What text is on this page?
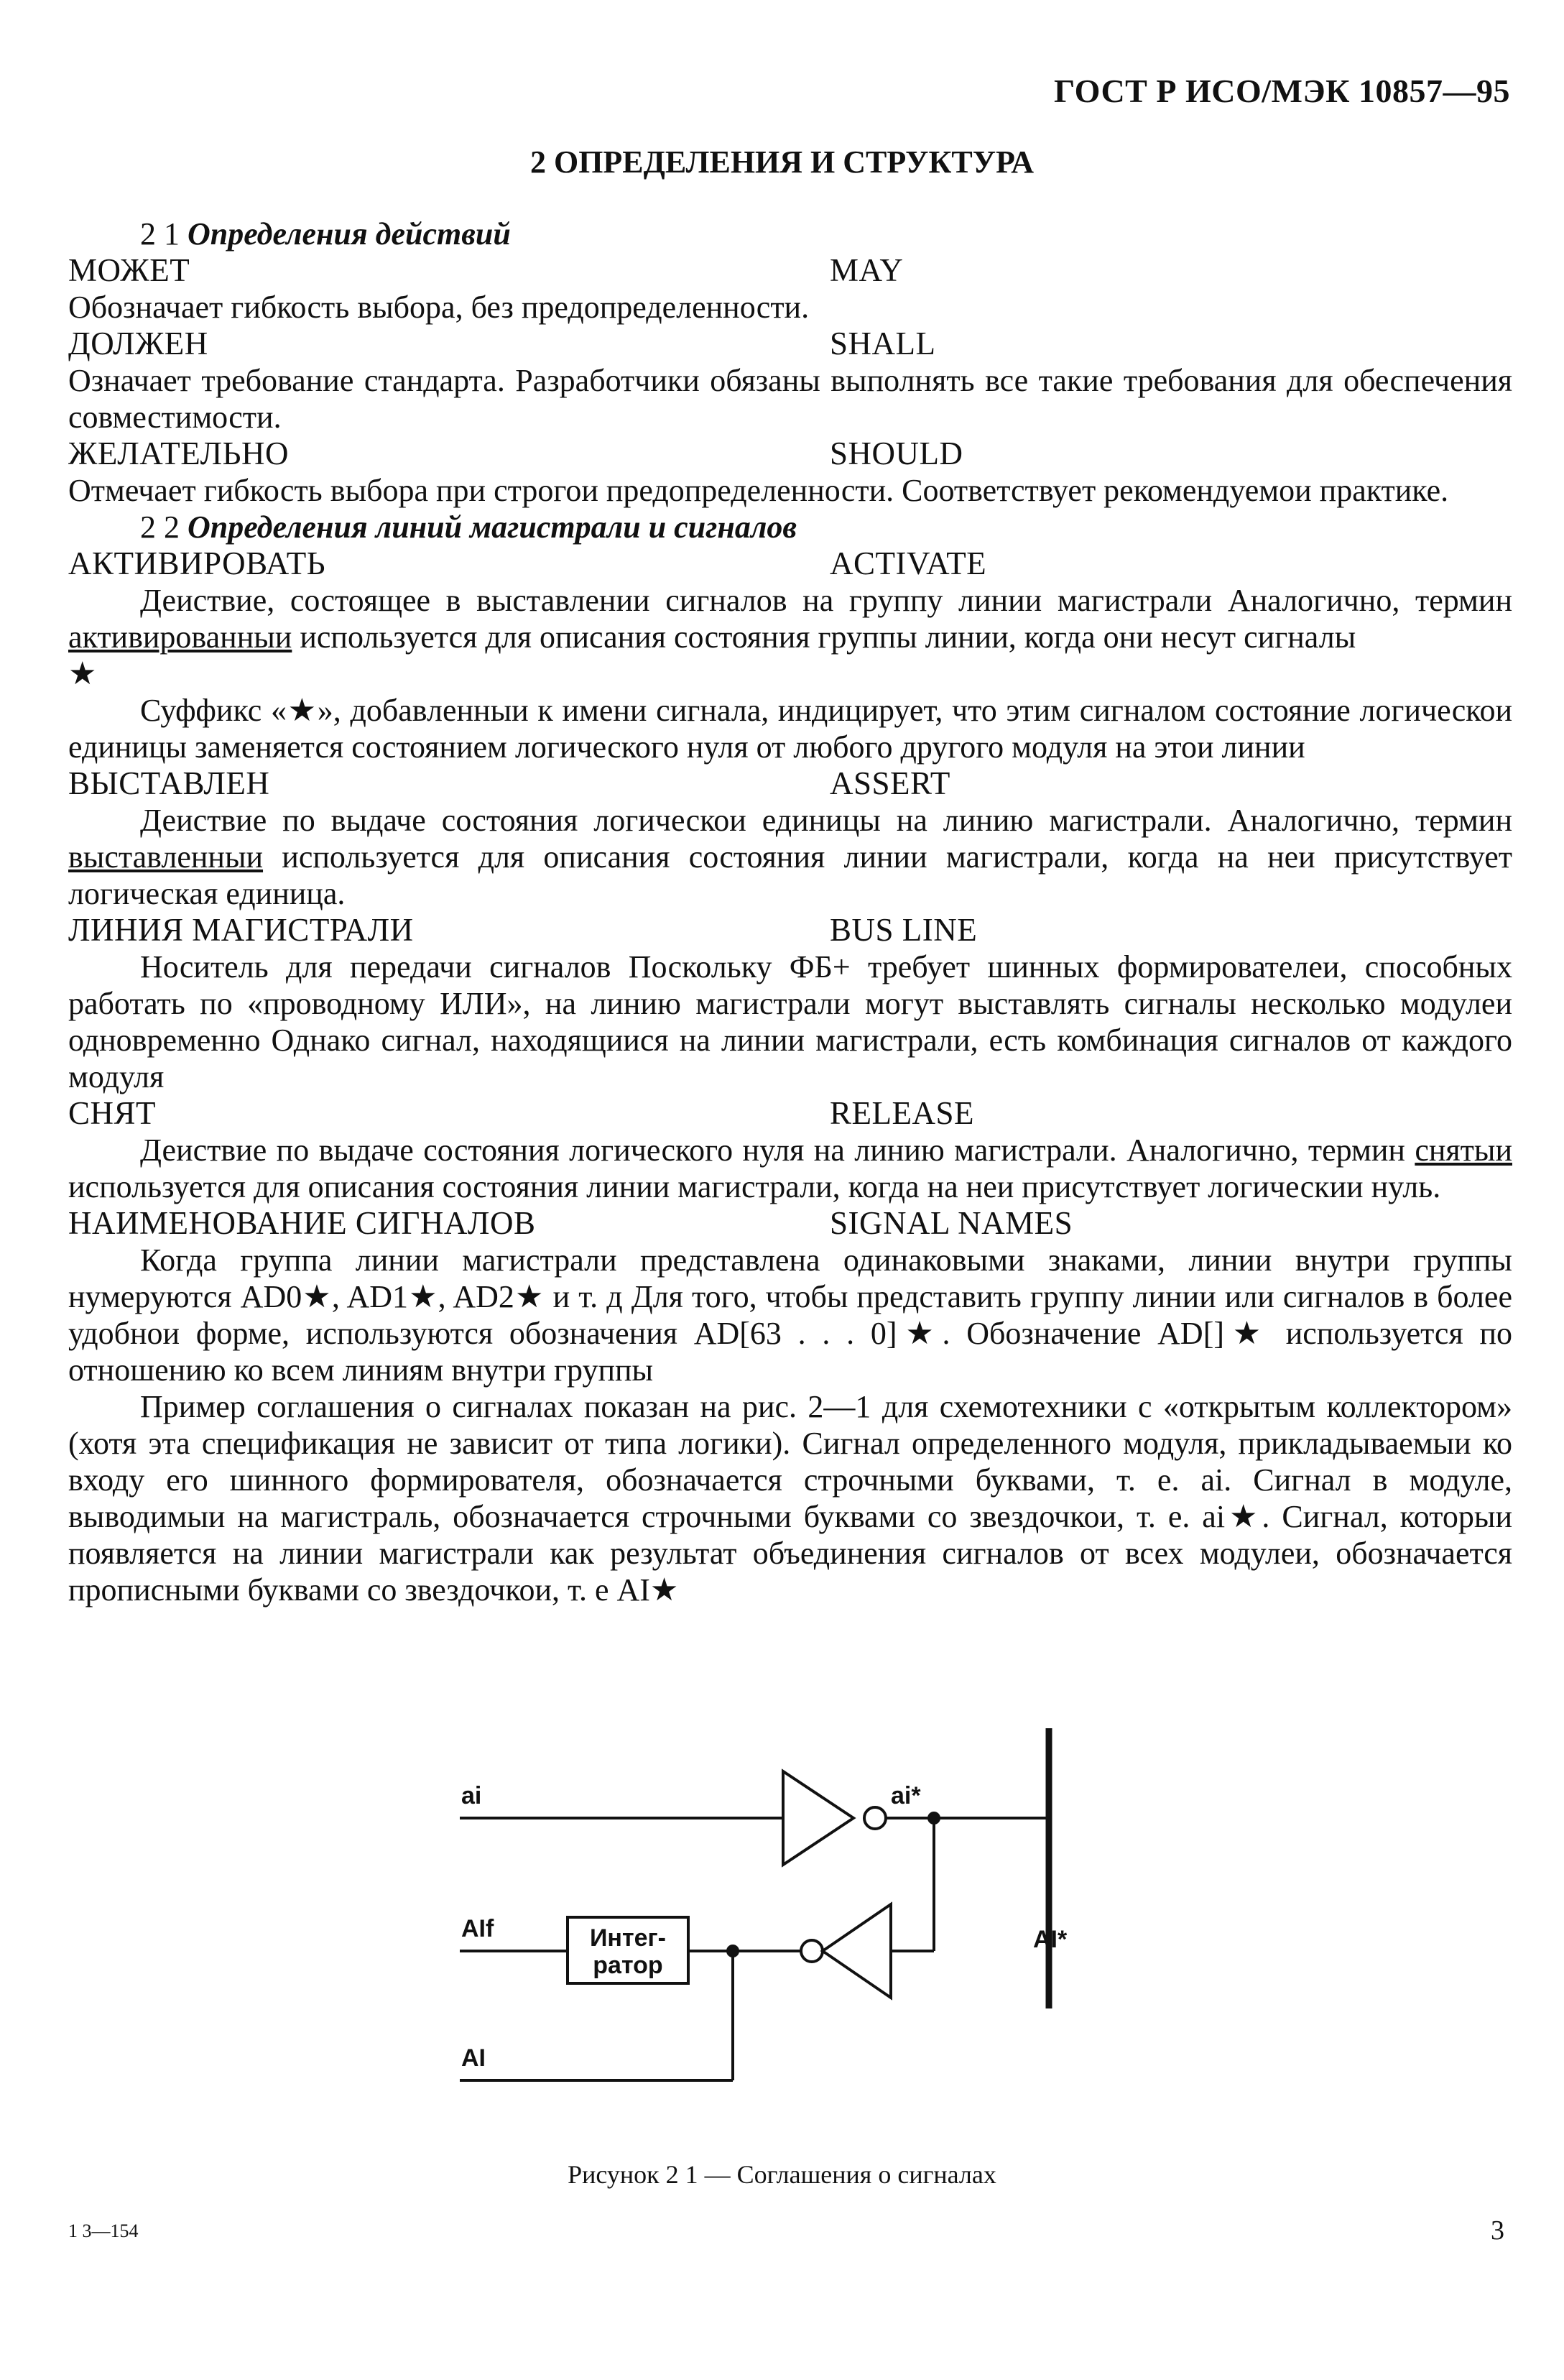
ГОСТ Р ИСО/МЭК 10857—95
2 ОПРЕДЕЛЕНИЯ И СТРУКТУРА

2 1 Определения действий

МОЖЕТ	MAY

Обозначает гибкость выбора, без предопределенности.

ДОЛЖЕН	SHALL

Означает требование стандарта. Разработчики обязаны выполнять все такие требования для обеспечения совместимости.

ЖЕЛАТЕЛЬНО	SHOULD

Отмечает гибкость выбора при строгои предопределенности. Соответствует рекомендуемои практике.

2 2 Определения линий магистрали и сигналов

АКТИВИРОВАТЬ	ACTIVATE

Деиствие, состоящее в выставлении сигналов на группу линии магистрали Аналогично, термин активированныи используется для описания состояния группы линии, когда они несут сигналы

★

Суффикс «★», добавленныи к имени сигнала, индицирует, что этим сигналом состояние логическои единицы заменяется состоянием логического нуля от любого другого модуля на этои линии

ВЫСТАВЛЕН	ASSERT

Деиствие по выдаче состояния логическои единицы на линию магистрали. Аналогично, термин выставленныи используется для описания состояния линии магистрали, когда на неи присутствует логическая единица.

ЛИНИЯ МАГИСТРАЛИ	BUS LINE

Носитель для передачи сигналов Поскольку ФБ+ требует шинных формирователеи, способных работать по «проводному ИЛИ», на линию магистрали могут выставлять сигналы несколько модулеи одновременно Однако сигнал, находящиися на линии магистрали, есть комбинация сигналов от каждого модуля

СНЯТ	RELEASE

Деиствие по выдаче состояния логического нуля на линию магистрали. Аналогично, термин снятыи используется для описания состояния линии магистрали, когда на неи присутствует логическии нуль.

НАИМЕНОВАНИЕ СИГНАЛОВ	SIGNAL NAMES

Когда группа линии магистрали представлена одинаковыми знаками, линии внутри группы нумеруются AD0★, AD1★, AD2★ и т. д Для того, чтобы представить группу линии или сигналов в более удобнои форме, используются обозначения AD[63 . . . 0]★. Обозначение AD[]★ используется по отношению ко всем линиям внутри группы

Пример соглашения о сигналах показан на рис. 2—1 для схемотехники с «открытым коллектором» (хотя эта спецификация не зависит от типа логики). Сигнал определенного модуля, прикладываемыи ко входу его шинного формирователя, обозначается строчными буквами, т. е. ai. Сигнал в модуле, выводимыи на магистраль, обозначается строчными буквами со звездочкои, т. е. ai★. Сигнал, которыи появляется на линии магистрали как результат объединения сигналов от всех модулеи, обозначается прописными буквами со звездочкои, т. е AI★

ai	ai*
AIf	Интег-
ратор
AI*
AI
Рисунок 2 1 — Соглашения о сигналах
1 3—154	3
